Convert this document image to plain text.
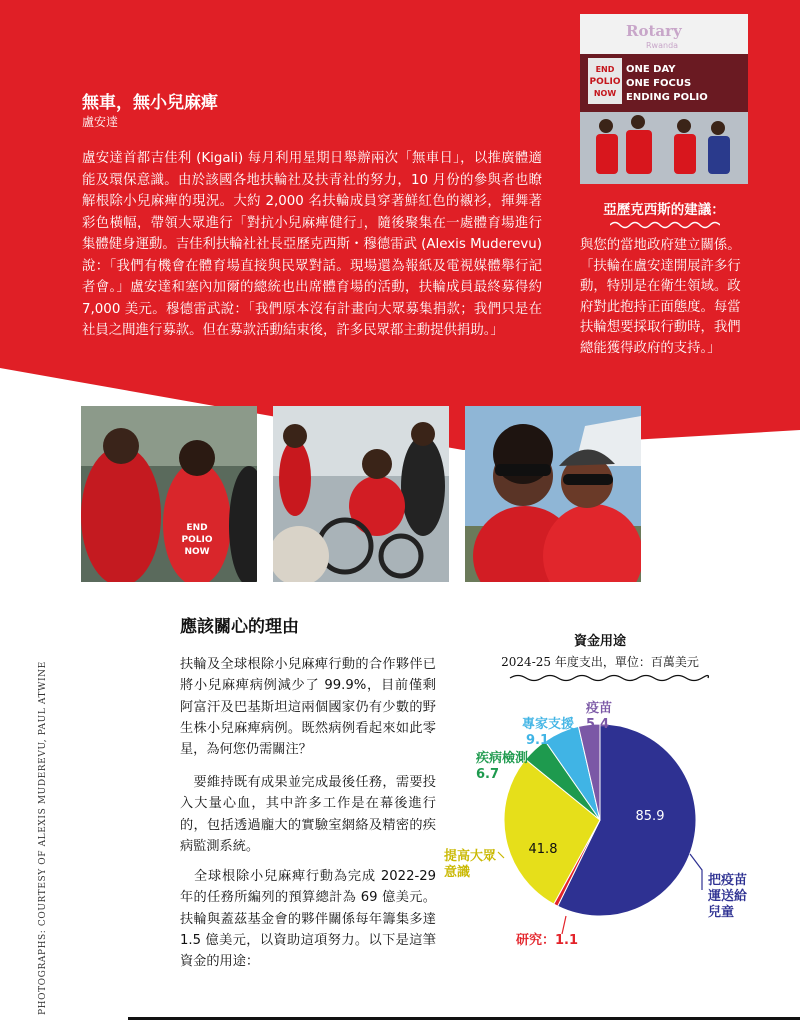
無車，無小兒麻痺
盧安達
盧安達首都吉佳利 (Kigali) 每月利用星期日舉辦兩次「無車日」，以推廣體適能及環保意識。由於該國各地扶輪社及扶青社的努力，10 月份的參與者也瞭解根除小兒麻痺的現況。大約 2,000 名扶輪成員穿著鮮紅色的襯衫，揮舞著彩色橫幅，帶領大眾進行「對抗小兒麻痺健行」，隨後聚集在一處體育場進行集體健身運動。吉佳利扶輪社社長亞歷克西斯・穆德雷武 (Alexis Muderevu) 說：「我們有機會在體育場直接與民眾對話。現場還為報紙及電視媒體舉行記者會。」盧安達和塞內加爾的總統也出席體育場的活動，扶輪成員最終募得約 7,000 美元。穆德雷武說：「我們原本沒有計畫向大眾募集捐款；我們只是在社員之間進行募款。但在募款活動結束後，許多民眾都主動提供捐助。」
Rotary
Rwanda
END
POLIO
NOW
ONE DAY
ONE FOCUS
ENDING POLIO
亞歷克西斯的建議：
與您的當地政府建立關係。「扶輪在盧安達開展許多行動，特別是在衛生領域。政府對此抱持正面態度。每當扶輪想要採取行動時，我們總能獲得政府的支持。」
END
POLIO
NOW
PHOTOGRAPHS: COURTESY OF ALEXIS MUDEREVU, PAUL ATWINE
應該關心的理由

扶輪及全球根除小兒麻痺行動的合作夥伴已將小兒麻痺病例減少了 99.9%，目前僅剩阿富汗及巴基斯坦這兩個國家仍有少數的野生株小兒麻痺病例。既然病例看起來如此零星，為何您仍需關注？

　要維持既有成果並完成最後任務，需要投入大量心血，其中許多工作是在幕後進行的，包括透過龐大的實驗室網絡及精密的疾病監測系統。

　全球根除小兒麻痺行動為完成 2022-29 年的任務所編列的預算總計為 69 億美元。扶輪與蓋茲基金會的夥伴關係每年籌集多達 1.5 億美元，以資助這項努力。以下是這筆資金的用途：

資金用途
2024-25 年度支出，單位：百萬美元
把疫苗
運送給
兒童
85.9
研究：1.1
提高大眾
意識
41.8
疾病檢測
6.7
專家支援
9.1
疫苗
5.4
